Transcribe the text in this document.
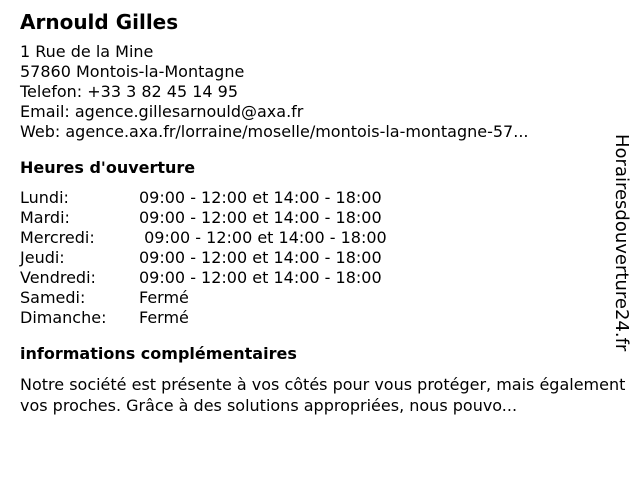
Arnould Gilles
1 Rue de la Mine
57860 Montois-la-Montagne
Telefon: +33 3 82 45 14 95
Email: agence.gillesarnould@axa.fr
Web: agence.axa.fr/lorraine/moselle/montois-la-montagne-57...
Heures d'ouverture
Lundi:	09:00 - 12:00 et 14:00 - 18:00
Mardi:	09:00 - 12:00 et 14:00 - 18:00
Mercredi:	09:00 - 12:00 et 14:00 - 18:00
Jeudi:	09:00 - 12:00 et 14:00 - 18:00
Vendredi:	09:00 - 12:00 et 14:00 - 18:00
Samedi:	Fermé
Dimanche:	Fermé
informations complémentaires
Notre société est présente à vos côtés pour vous protéger, mais également vos proches. Grâce à des solutions appropriées, nous pouvo...
Horairesdouverture24.fr
